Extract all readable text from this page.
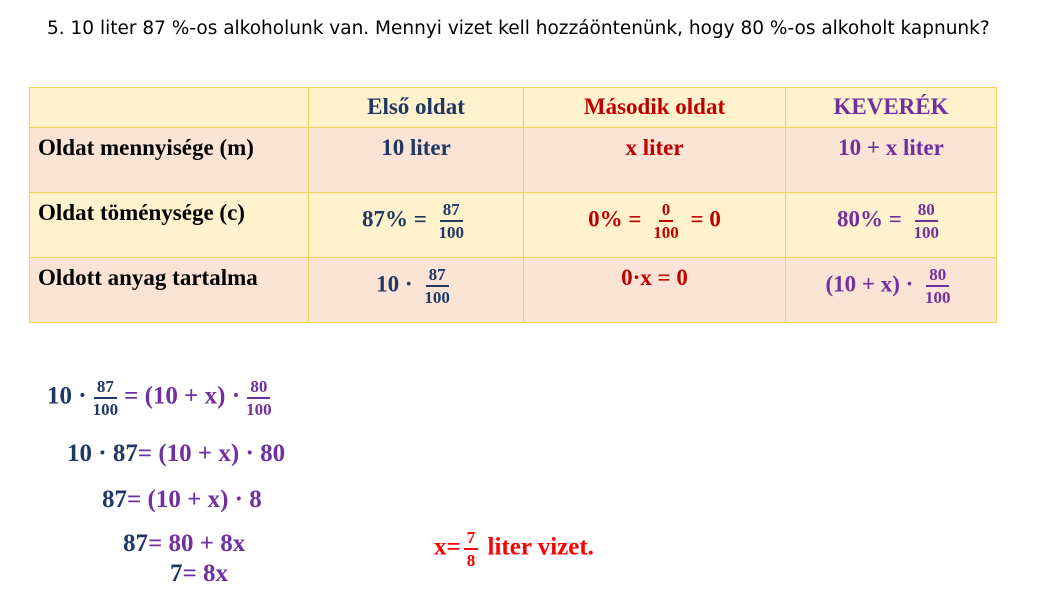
5. 10 liter 87 %-os alkoholunk van. Mennyi vizet kell hozzáöntenünk, hogy 80 %-os alkoholt kapnunk?

	Első oldat	Második oldat	KEVERÉK

Oldat mennyisége (m)	10 liter	x liter	10 + x liter

Oldat töménysége (c)	$87\% = \frac{87}{100}$	$0\% = \frac{0}{100} = 0$	$80\% = \frac{80}{100}$

Oldott anyag tartalma	$10 \cdot \frac{87}{100}$	0·x = 0	$(10 + x) \cdot \frac{80}{100}$
$10 \cdot \frac{87}{100} = (10 + x) \cdot \frac{80}{100}$
10 · 87= (10 + x) · 80
87= (10 + x) · 8
87= 80 + 8x
7= 8x
$x= \frac{7}{8}$ liter vizet.
